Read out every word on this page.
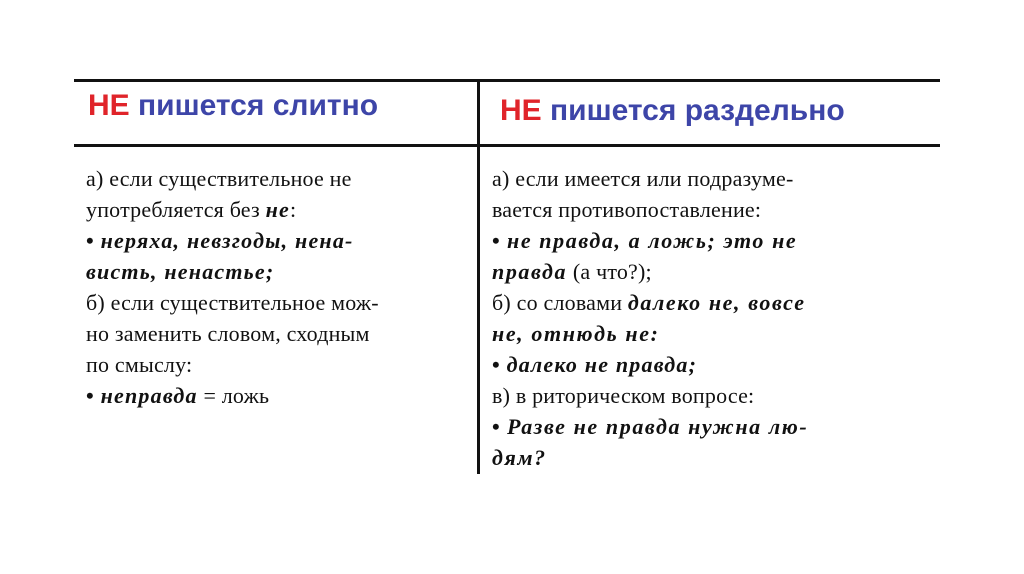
НЕ пишется слитно	НЕ пишется раздельно
а) если существительное не
употребляется без не:
• неряха, невзгоды, нена-
висть, ненастье;
б) если существительное мож-
но заменить словом, сходным
по смыслу:
• неправда = ложь
а) если имеется или подразуме-
вается противопоставление:
• не правда, а ложь; это не
правда (а что?);
б) со словами далеко не, вовсе
не, отнюдь не:
• далеко не правда;
в) в риторическом вопросе:
• Разве не правда нужна лю-
дям?
